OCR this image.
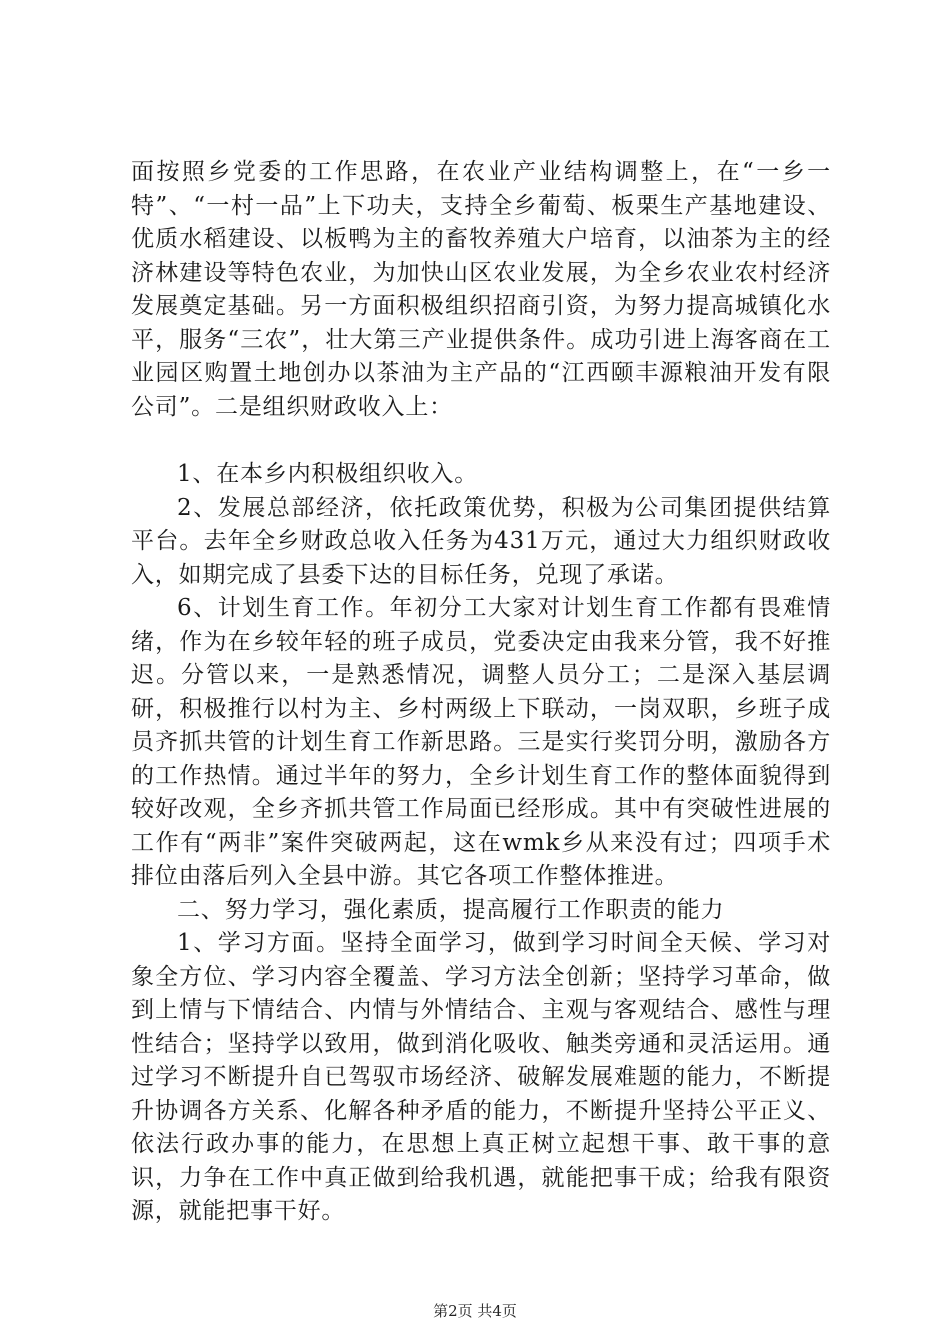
面按照乡党委的工作思路，在农业产业结构调整上，在“一乡一特”、“一村一品”上下功夫，支持全乡葡萄、板栗生产基地建设、优质水稻建设、以板鸭为主的畜牧养殖大户培育，以油茶为主的经济林建设等特色农业，为加快山区农业发展，为全乡农业农村经济发展奠定基础。另一方面积极组织招商引资，为努力提高城镇化水平，服务“三农”，壮大第三产业提供条件。成功引进上海客商在工业园区购置土地创办以茶油为主产品的“江西颐丰源粮油开发有限公司”。二是组织财政收入上：

1、在本乡内积极组织收入。

2、发展总部经济，依托政策优势，积极为公司集团提供结算平台。去年全乡财政总收入任务为431万元，通过大力组织财政收入，如期完成了县委下达的目标任务，兑现了承诺。

6、计划生育工作。年初分工大家对计划生育工作都有畏难情绪，作为在乡较年轻的班子成员，党委决定由我来分管，我不好推迟。分管以来，一是熟悉情况，调整人员分工；二是深入基层调研，积极推行以村为主、乡村两级上下联动，一岗双职，乡班子成员齐抓共管的计划生育工作新思路。三是实行奖罚分明，激励各方的工作热情。通过半年的努力，全乡计划生育工作的整体面貌得到较好改观，全乡齐抓共管工作局面已经形成。其中有突破性进展的工作有“两非”案件突破两起，这在wmk乡从来没有过；四项手术排位由落后列入全县中游。其它各项工作整体推进。

二、努力学习，强化素质，提高履行工作职责的能力

1、学习方面。坚持全面学习，做到学习时间全天候、学习对象全方位、学习内容全覆盖、学习方法全创新；坚持学习革命，做到上情与下情结合、内情与外情结合、主观与客观结合、感性与理性结合；坚持学以致用，做到消化吸收、触类旁通和灵活运用。通过学习不断提升自已驾驭市场经济、破解发展难题的能力，不断提升协调各方关系、化解各种矛盾的能力，不断提升坚持公平正义、依法行政办事的能力，在思想上真正树立起想干事、敢干事的意识，力争在工作中真正做到给我机遇，就能把事干成；给我有限资源，就能把事干好。

第2页 共4页
